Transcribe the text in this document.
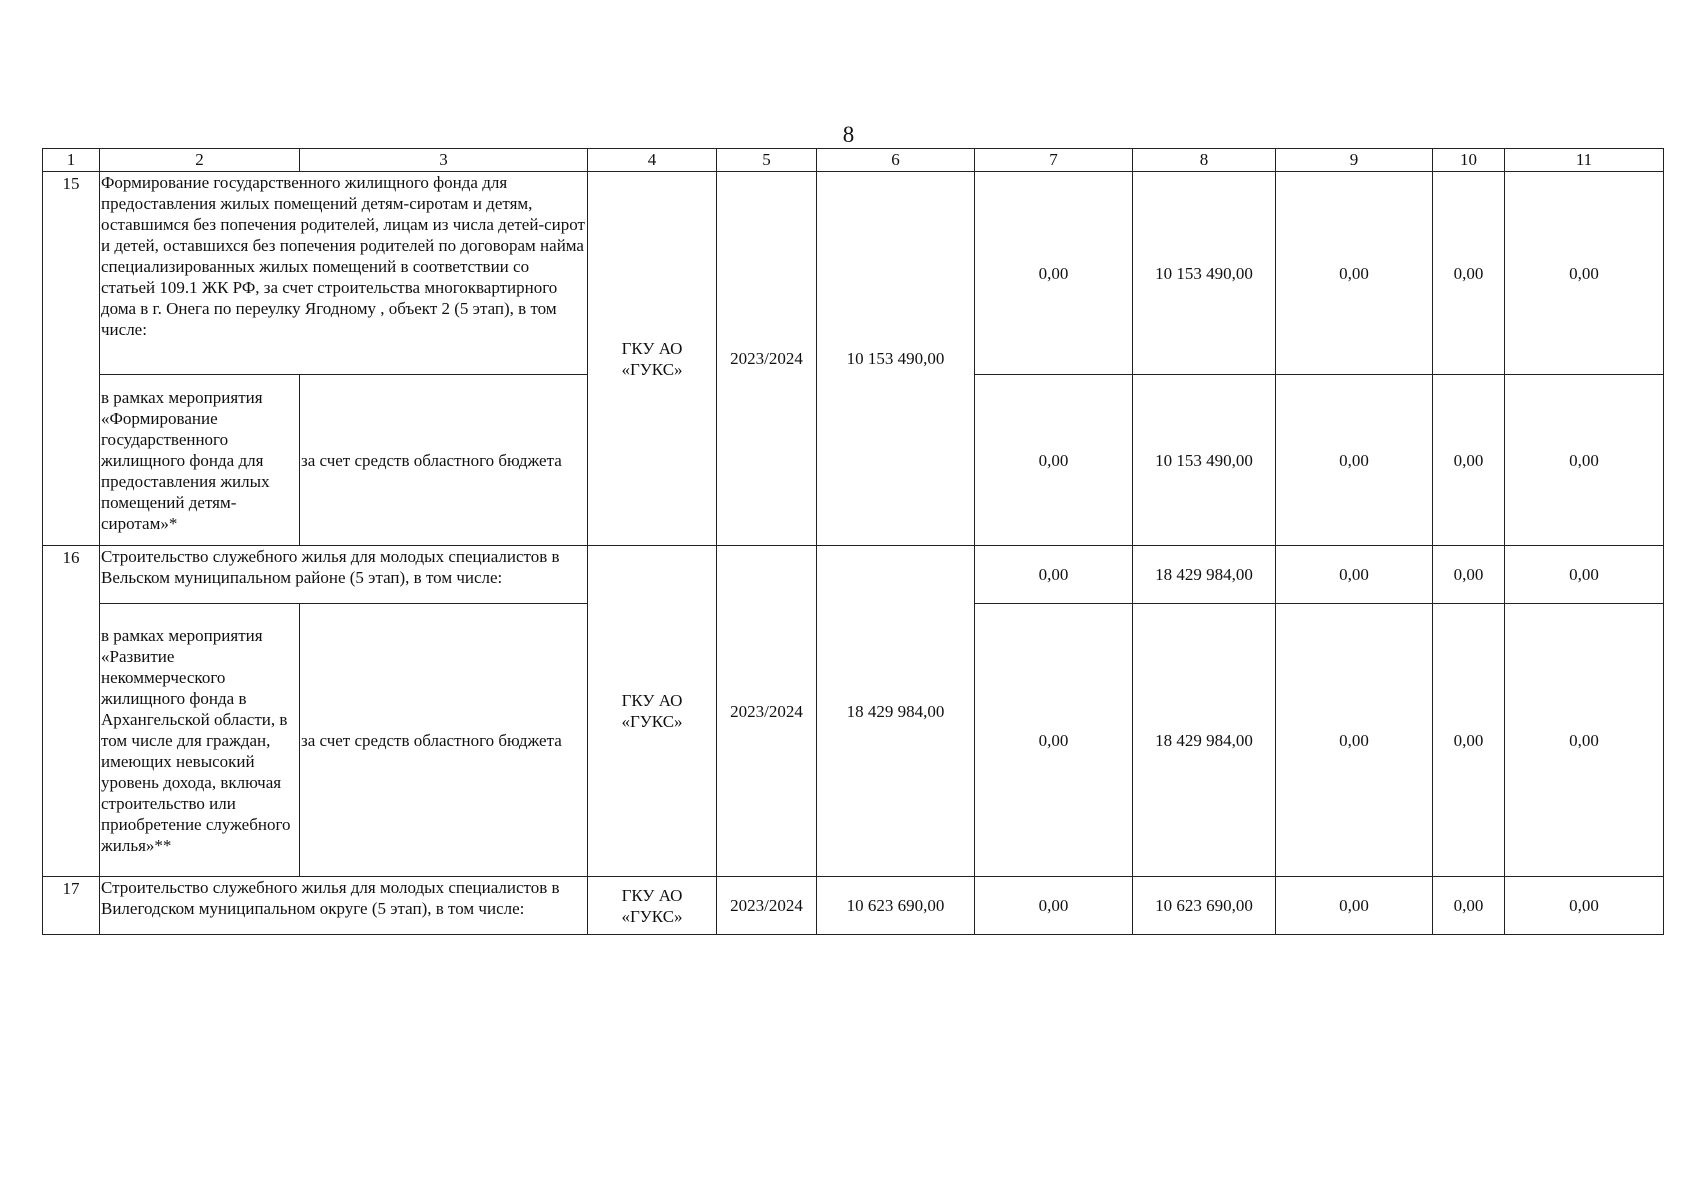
8
1	2	3	4	5	6	7	8	9	10	11
15	Формирование государственного жилищного фонда для предоставления жилых помещений детям-сиротам и детям, оставшимся без попечения родителей, лицам из числа детей-сирот и детей, оставшихся без попечения родителей по договорам найма специализированных жилых помещений в соответствии со статьей 109.1 ЖК РФ, за счет строительства многоквартирного дома в г. Онега по переулку Ягодному , объект 2 (5 этап), в том числе:		ГКУ АО «ГУКС»	2023/2024	10 153 490,00	0,00	10 153 490,00	0,00	0,00	0,00
	в рамках мероприятия «Формирование государственного жилищного фонда для предоставления жилых помещений детям-сиротам»*	за счет средств областного бюджета				0,00	10 153 490,00	0,00	0,00	0,00
16	Строительство служебного жилья для молодых специалистов в Вельском муниципальном районе (5 этап), в том числе:		ГКУ АО «ГУКС»	2023/2024	18 429 984,00	0,00	18 429 984,00	0,00	0,00	0,00
	в рамках мероприятия «Развитие некоммерческого жилищного фонда в Архангельской области, в том числе для граждан, имеющих невысокий уровень дохода, включая строительство или приобретение служебного жилья»**	за счет средств областного бюджета				0,00	18 429 984,00	0,00	0,00	0,00
17	Строительство служебного жилья для молодых специалистов в Вилегодском муниципальном округе (5 этап), в том числе:		ГКУ АО «ГУКС»	2023/2024	10 623 690,00	0,00	10 623 690,00	0,00	0,00	0,00
